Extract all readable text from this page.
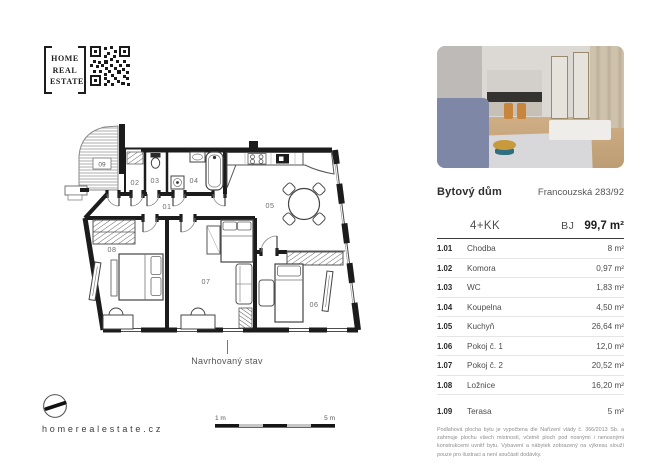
HOME
REAL
ESTATE
09
01
02 03	04
05
06
07
08
Navrhovaný stav
homerealestate.cz
1 m	5 m
Bytový dům	Francouzská 283/92
4+KK	BJ 99,7 m²
1.01	Chodba	8 m²
1.02	Komora	0,97 m²
1.03	WC	1,83 m²
1.04	Koupelna	4,50 m²
1.05	Kuchyň	26,64 m²
1.06	Pokoj č. 1	12,0 m²
1.07	Pokoj č. 2	20,52 m²
1.08	Ložnice	16,20 m²
1.09	Terasa	5 m²

Podlahová plocha bytu je vypočtena dle Nařízení vlády č. 366/2013 Sb. a zahrnuje plochu všech místností, včetně ploch pod nosnými i nenosnými konstrukcemi uvnitř bytu. Vybavení a nábytek zobrazený na výkresu slouží pouze pro ilustraci a není součástí dodávky.
